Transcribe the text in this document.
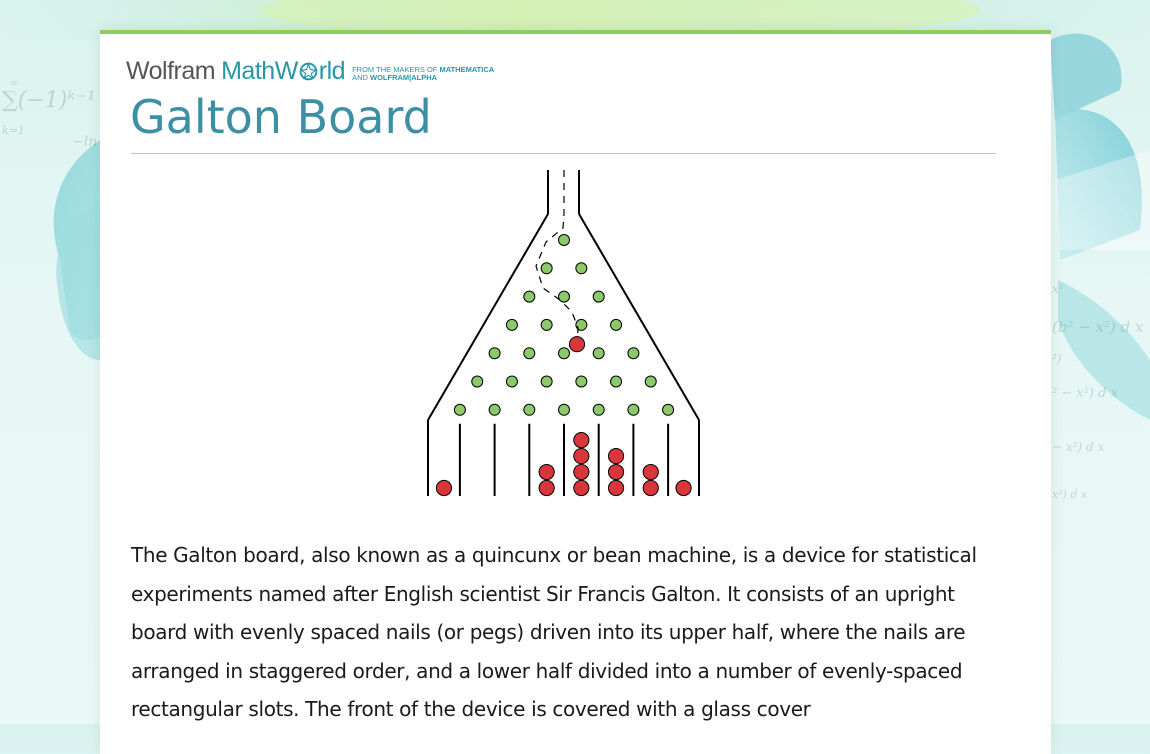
∑(−1)ᵏ⁻¹
k=1
∞
−ln
x²
(b² − x²) d x
²)
² − x²) d x
− x²) d x
x²) d x
Wolfram MathW rld FROM THE MAKERS OF MATHEMATICA
AND WOLFRAM|ALPHA
Galton Board

The Galton board, also known as a quincunx or bean machine, is a device for statistical experiments named after English scientist Sir Francis Galton. It consists of an upright board with evenly spaced nails (or pegs) driven into its upper half, where the nails are arranged in staggered order, and a lower half divided into a number of evenly-spaced rectangular slots. The front of the device is covered with a glass cover
